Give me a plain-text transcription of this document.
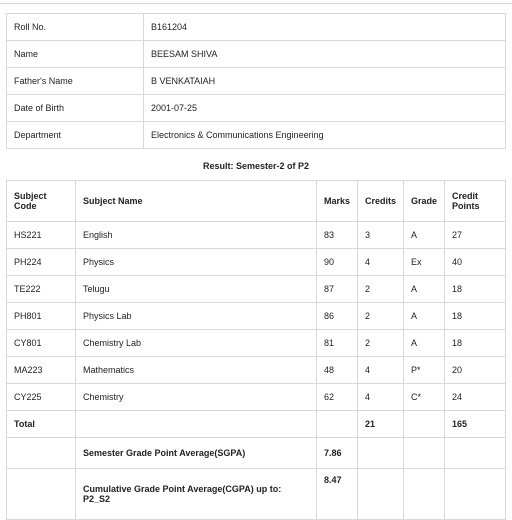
Roll No.	B161204
Name	BEESAM SHIVA
Father's Name	B VENKATAIAH
Date of Birth	2001-07-25
Department	Electronics & Communications Engineering
Result: Semester-2 of P2
Subject Code	Subject Name	Marks	Credits	Grade	Credit Points
HS221	English	83	3	A	27
PH224	Physics	90	4	Ex	40
TE222	Telugu	87	2	A	18
PH801	Physics Lab	86	2	A	18
CY801	Chemistry Lab	81	2	A	18
MA223	Mathematics	48	4	P*	20
CY225	Chemistry	62	4	C*	24
Total			21		165
	Semester Grade Point Average(SGPA)	7.86			
	Cumulative Grade Point Average(CGPA) up to: P2_S2	8.47			
